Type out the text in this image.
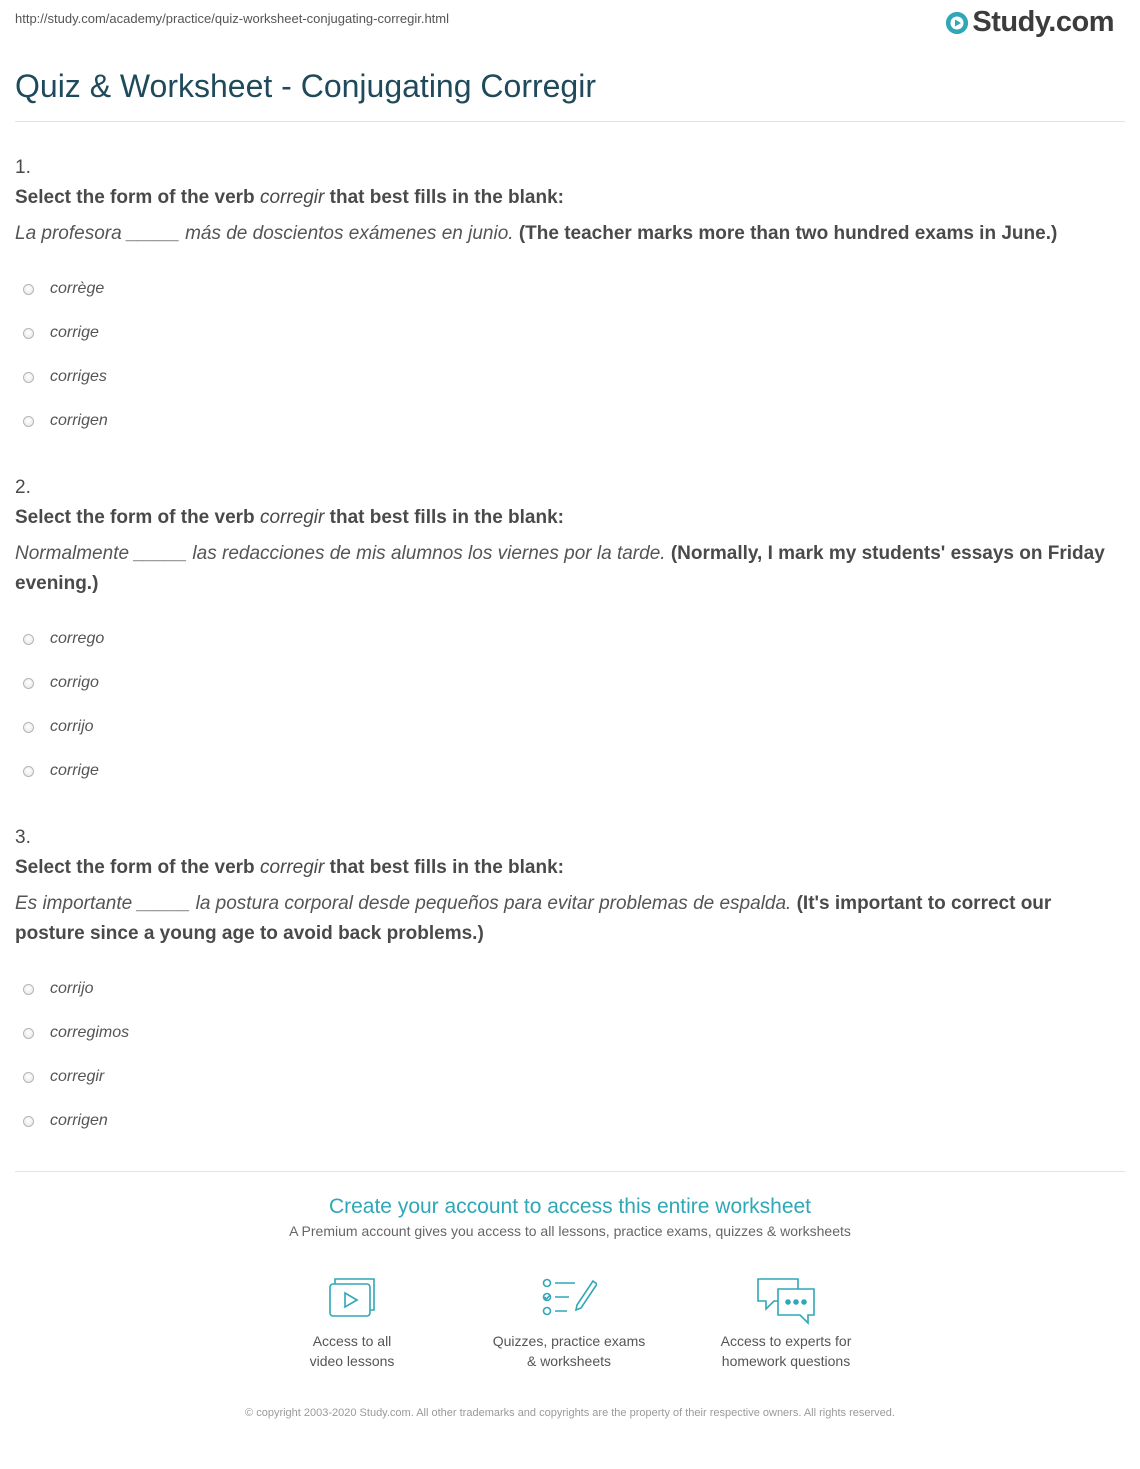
http://study.com/academy/practice/quiz-worksheet-conjugating-corregir.html	Study.com
Quiz & Worksheet - Conjugating Corregir
1.
Select the form of the verb corregir that best fills in the blank:
La profesora _____ más de doscientos exámenes en junio. (The teacher marks more than two hundred exams in June.)
corrège
corrige
corriges
corrigen
2.
Select the form of the verb corregir that best fills in the blank:
Normalmente _____ las redacciones de mis alumnos los viernes por la tarde. (Normally, I mark my students' essays on Friday evening.)
corrego
corrigo
corrijo
corrige
3.
Select the form of the verb corregir that best fills in the blank:
Es importante _____ la postura corporal desde pequeños para evitar problemas de espalda. (It's important to correct our posture since a young age to avoid back problems.)
corrijo
corregimos
corregir
corrigen
Create your account to access this entire worksheet
A Premium account gives you access to all lessons, practice exams, quizzes & worksheets
Access to all
video lessons
Quizzes, practice exams
& worksheets
Access to experts for
homework questions
© copyright 2003-2020 Study.com. All other trademarks and copyrights are the property of their respective owners. All rights reserved.
